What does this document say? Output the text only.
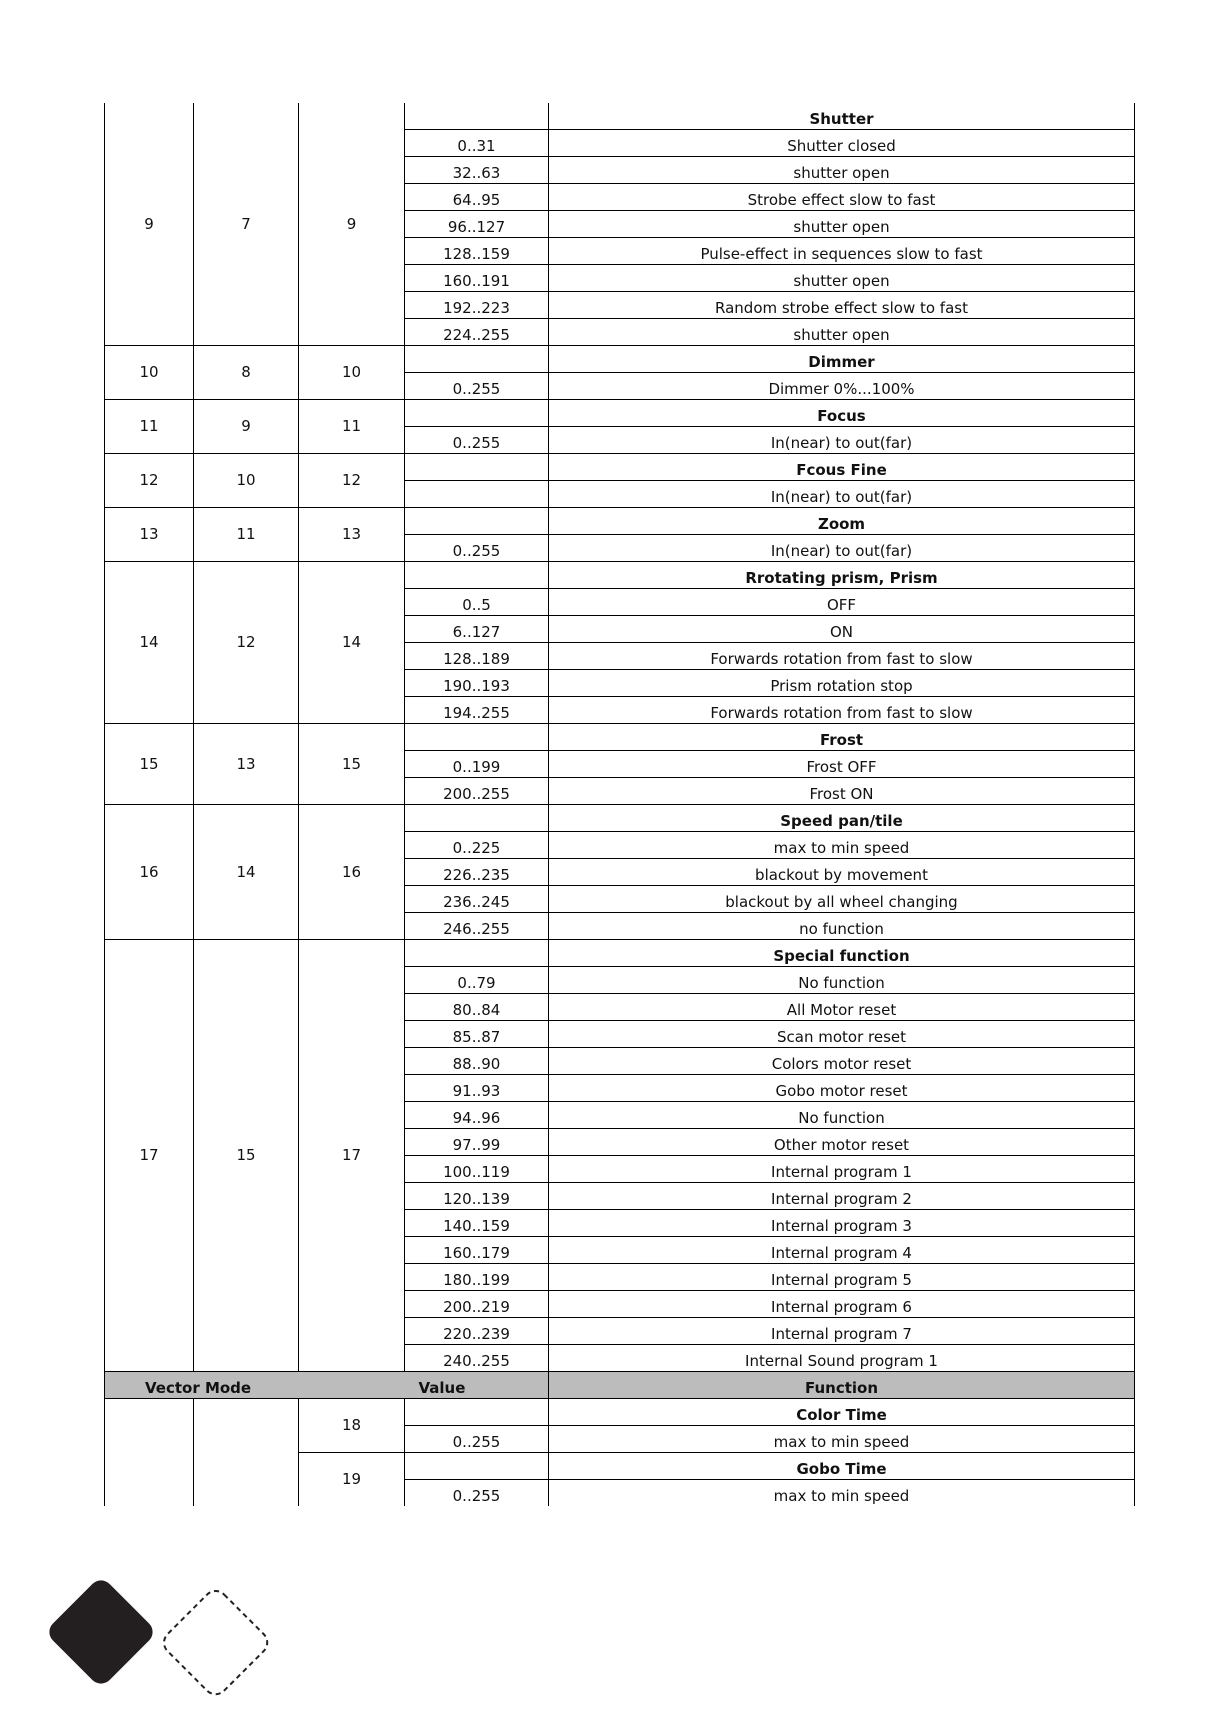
9	7	9		Shutter
			0..31	Shutter closed
			32..63	shutter open
			64..95	Strobe effect slow to fast
			96..127	shutter open
			128..159	Pulse-effect in sequences slow to fast
			160..191	shutter open
			192..223	Random strobe effect slow to fast
			224..255	shutter open
10	8	10		Dimmer
			0..255	Dimmer 0%...100%
11	9	11		Focus
			0..255	In(near) to out(far)
12	10	12		Fcous Fine
				In(near) to out(far)
13	11	13		Zoom
			0..255	In(near) to out(far)
14	12	14		Rrotating prism, Prism
			0..5	OFF
			6..127	ON
			128..189	Forwards rotation from fast to slow
			190..193	Prism rotation stop
			194..255	Forwards rotation from fast to slow
15	13	15		Frost
			0..199	Frost OFF
			200..255	Frost ON
16	14	16		Speed pan/tile
			0..225	max to min speed
			226..235	blackout by movement
			236..245	blackout by all wheel changing
			246..255	no function
17	15	17		Special function
			0..79	No function
			80..84	All Motor reset
			85..87	Scan motor reset
			88..90	Colors motor reset
			91..93	Gobo motor reset
			94..96	No function
			97..99	Other motor reset
			100..119	Internal program 1
			120..139	Internal program 2
			140..159	Internal program 3
			160..179	Internal program 4
			180..199	Internal program 5
			200..219	Internal program 6
			220..239	Internal program 7
			240..255	Internal Sound program 1
Vector Mode			Value	Function
		18		Color Time
			0..255	max to min speed
		19		Gobo Time
			0..255	max to min speed
